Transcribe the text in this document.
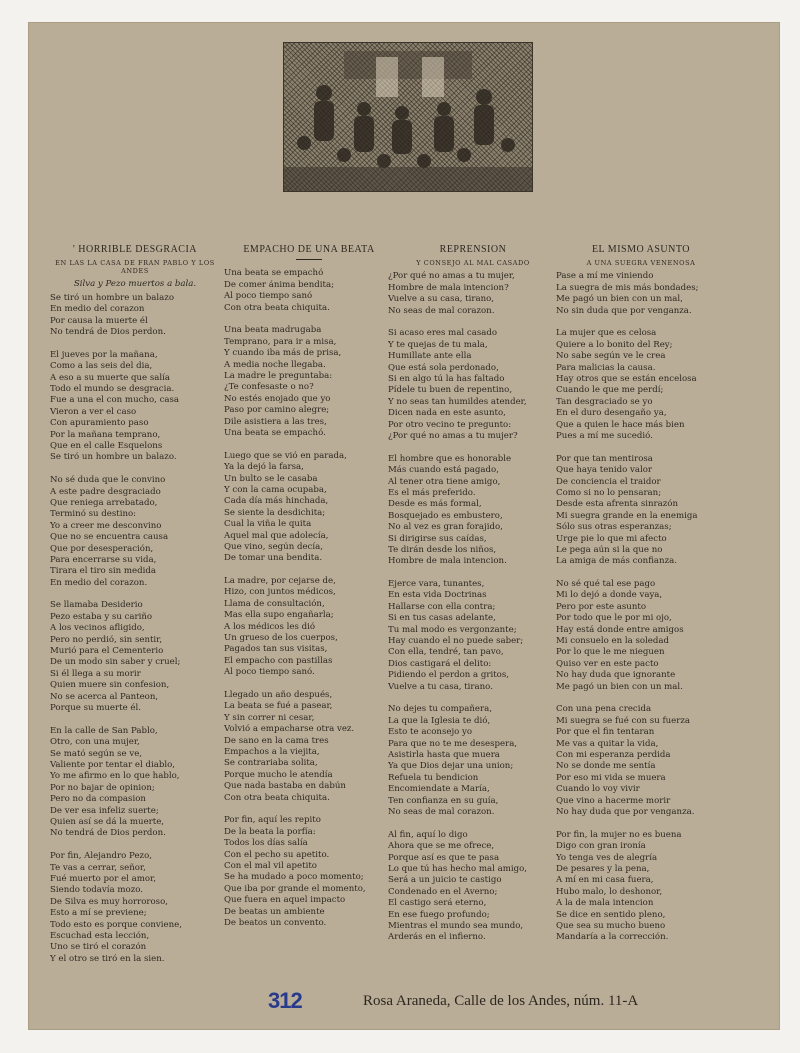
' HORRIBLE DESGRACIA
EN LAS LA CASA DE FRAN PABLO Y LOS ANDES
Silva y Pezo muertos a bala.
Se tiró un hombre un balazo
En medio del corazon
Por causa la muerte él
No tendrá de Dios perdon.
El jueves por la mañana,
Como a las seis del dia,
A eso a su muerte que salía
Todo el mundo se desgracia.
Fue a una el con mucho, casa
Vieron a ver el caso
Con apuramiento paso
Por la mañana temprano,
Que en el calle Esquelons
Se tiró un hombre un balazo.
No sé duda que le convino
A este padre desgraciado
Que reniega arrebatado,
Terminó su destino:
Yo a creer me desconvino
Que no se encuentra causa
Que por desesperación,
Para encerrarse su vida,
Tirara el tiro sin medida
En medio del corazon.
Se llamaba Desiderio
Pezo estaba y su cariño
A los vecinos afligido,
Pero no perdió, sin sentir,
Murió para el Cementerio
De un modo sin saber y cruel;
Si él llega a su morir
Quien muere sin confesion,
No se acerca al Panteon,
Porque su muerte él.
En la calle de San Pablo,
Otro, con una mujer,
Se mató según se ve,
Valiente por tentar el diablo,
Yo me afirmo en lo que hablo,
Por no bajar de opinion;
Pero no da compasion
De ver esa infeliz suerte;
Quien así se dá la muerte,
No tendrá de Dios perdon.
Por fin, Alejandro Pezo,
Te vas a cerrar, señor,
Fué muerto por el amor,
Siendo todavía mozo.
De Silva es muy horroroso,
Esto a mí se previene;
Todo esto es porque conviene,
Escuchad esta lección,
Uno se tiró el corazón
Y el otro se tiró en la sien.
EMPACHO DE UNA BEATA
Una beata se empachó
De comer ánima bendita;
Al poco tiempo sanó
Con otra beata chiquita.
Una beata madrugaba
Temprano, para ir a misa,
Y cuando iba más de prisa,
A media noche llegaba.
La madre le preguntaba:
¿Te confesaste o no?
No estés enojado que yo
Paso por camino alegre;
Dile asistiera a las tres,
Una beata se empachó.
Luego que se vió en parada,
Ya la dejó la farsa,
Un bulto se le casaba
Y con la cama ocupaba,
Cada día más hinchada,
Se siente la desdichita;
Cual la viña le quita
Aquel mal que adolecía,
Que vino, según decía,
De tomar una bendita.
La madre, por cejarse de,
Hizo, con juntos médicos,
Llama de consultación,
Mas ella supo engañarla;
A los médicos les dió
Un grueso de los cuerpos,
Pagados tan sus visitas,
El empacho con pastillas
Al poco tiempo sanó.
Llegado un año después,
La beata se fué a pasear,
Y sin correr ni cesar,
Volvió a empacharse otra vez.
De sano en la cama tres
Empachos a la viejita,
Se contrariaba solita,
Porque mucho le atendía
Que nada bastaba en dabún
Con otra beata chiquita.
Por fin, aquí les repito
De la beata la porfía:
Todos los días salía
Con el pecho su apetito.
Con el mal vil apetito
Se ha mudado a poco momento;
Que iba por grande el momento,
Que fuera en aquel impacto
De beatas un ambiente
De beatos un convento.
REPRENSION
Y CONSEJO AL MAL CASADO
¿Por qué no amas a tu mujer,
Hombre de mala intencion?
Vuelve a su casa, tirano,
No seas de mal corazon.
Si acaso eres mal casado
Y te quejas de tu mala,
Humillate ante ella
Que está sola perdonado,
Si en algo tú la has faltado
Pídele tu buen de repentino,
Y no seas tan humildes atender,
Dicen nada en este asunto,
Por otro vecino te pregunto:
¿Por qué no amas a tu mujer?
El hombre que es honorable
Más cuando está pagado,
Al tener otra tiene amigo,
Es el más preferido.
Desde es más formal,
Bosquejado es embustero,
No al vez es gran forajido,
Si dirigirse sus caídas,
Te dirán desde los niños,
Hombre de mala intencion.
Ejerce vara, tunantes,
En esta vida Doctrinas
Hallarse con ella contra;
Si en tus casas adelante,
Tu mal modo es vergonzante;
Hay cuando el no puede saber;
Con ella, tendré, tan pavo,
Dios castigará el delito:
Pidiendo el perdon a gritos,
Vuelve a tu casa, tirano.
No dejes tu compañera,
La que la Iglesia te dió,
Esto te aconsejo yo
Para que no te me desespera,
Asistirla hasta que muera
Ya que Dios dejar una union;
Refuela tu bendicion
Encomiendate a María,
Ten confianza en su guía,
No seas de mal corazon.
Al fin, aquí lo digo
Ahora que se me ofrece,
Porque así es que te pasa
Lo que tú has hecho mal amigo,
Será a un juicio te castigo
Condenado en el Averno;
El castigo será eterno,
En ese fuego profundo;
Mientras el mundo sea mundo,
Arderás en el infierno.
EL MISMO ASUNTO
A UNA SUEGRA VENENOSA
Pase a mí me viniendo
La suegra de mis más bondades;
Me pagó un bien con un mal,
No sin duda que por venganza.
La mujer que es celosa
Quiere a lo bonito del Rey;
No sabe según ve le crea
Para malicias la causa.
Hay otros que se están encelosa
Cuando le que me perdí;
Tan desgraciado se yo
En el duro desengaño ya,
Que a quien le hace más bien
Pues a mí me sucedió.
Por que tan mentirosa
Que haya tenido valor
De conciencia el traidor
Como si no lo pensaran;
Desde esta afrenta sinrazón
Mi suegra grande en la enemiga
Sólo sus otras esperanzas;
Urge pie lo que mi afecto
Le pega aún si la que no
La amiga de más confianza.
No sé qué tal ese pago
Mi lo dejó a donde vaya,
Pero por este asunto
Por todo que le por mi ojo,
Hay está donde entre amigos
Mi consuelo en la soledad
Por lo que le me nieguen
Quiso ver en este pacto
No hay duda que ignorante
Me pagó un bien con un mal.
Con una pena crecida
Mi suegra se fué con su fuerza
Por que el fin tentaran
Me vas a quitar la vida,
Con mi esperanza perdida
No se donde me sentía
Por eso mi vida se muera
Cuando lo voy vivir
Que vino a hacerme morir
No hay duda que por venganza.
Por fin, la mujer no es buena
Digo con gran ironía
Yo tenga ves de alegría
De pesares y la pena,
A mí en mi casa fuera,
Hubo malo, lo deshonor,
A la de mala intencion
Se dice en sentido pleno,
Que sea su mucho bueno
Mandaría a la corrección.
312	Rosa Araneda, Calle de los Andes, núm. 11-A
